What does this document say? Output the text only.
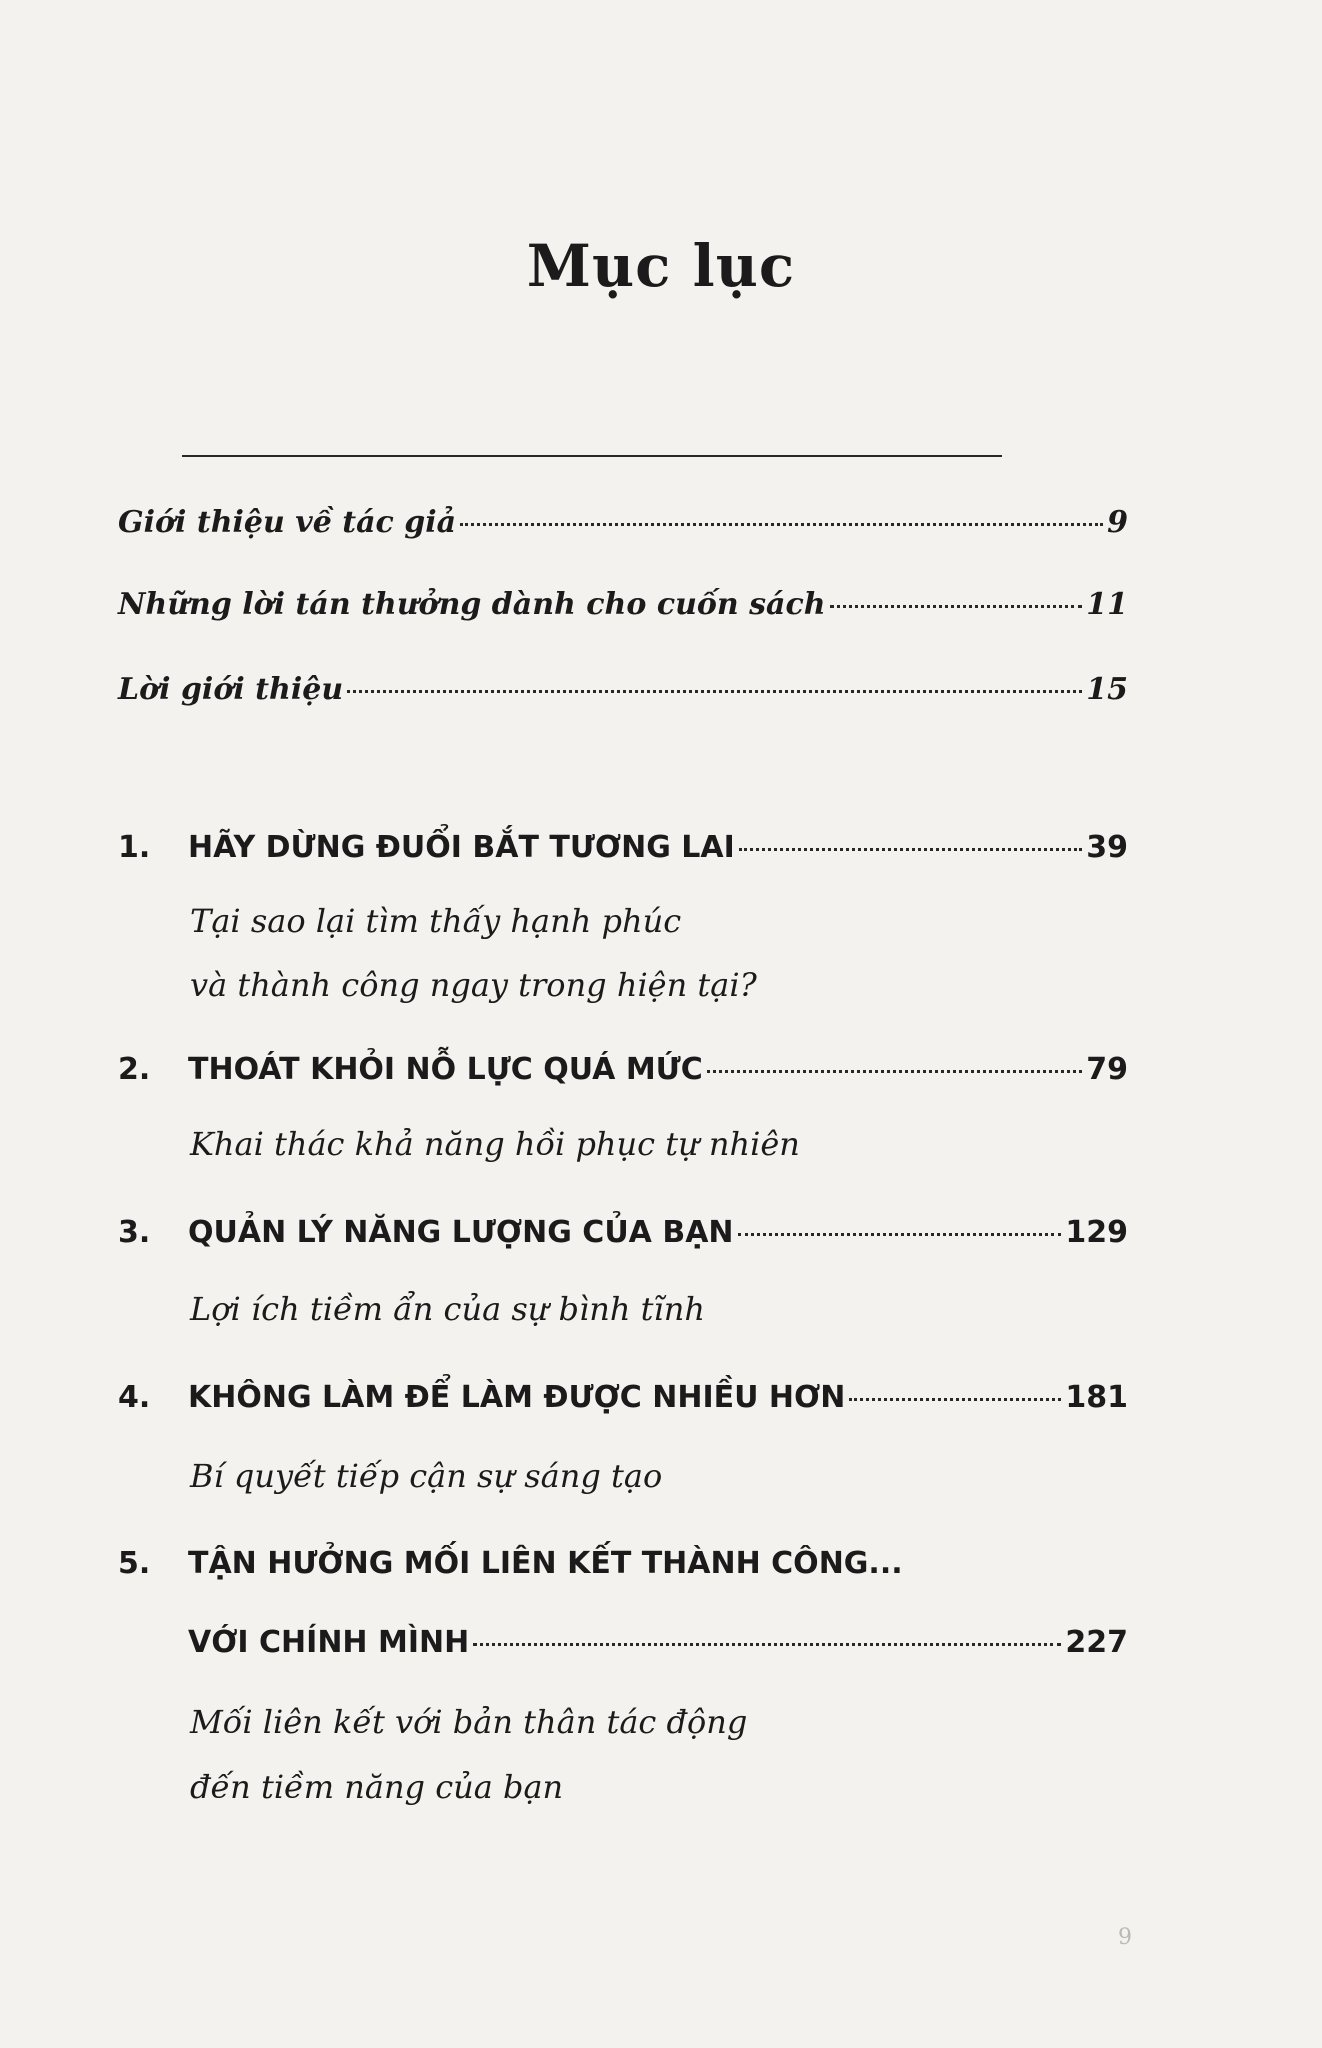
Mục lục
Giới thiệu về tác giả	9
Những lời tán thưởng dành cho cuốn sách	11
Lời giới thiệu	15
1. HÃY DỪNG ĐUỔI BẮT TƯƠNG LAI	39
Tại sao lại tìm thấy hạnh phúc
và thành công ngay trong hiện tại?
2. THOÁT KHỎI NỖ LỰC QUÁ MỨC	79
Khai thác khả năng hồi phục tự nhiên
3. QUẢN LÝ NĂNG LƯỢNG CỦA BẠN	129
Lợi ích tiềm ẩn của sự bình tĩnh
4. KHÔNG LÀM ĐỂ LÀM ĐƯỢC NHIỀU HƠN	181
Bí quyết tiếp cận sự sáng tạo
5. TẬN HƯỞNG MỐI LIÊN KẾT THÀNH CÔNG...
VỚI CHÍNH MÌNH	227
Mối liên kết với bản thân tác động
đến tiềm năng của bạn
9
